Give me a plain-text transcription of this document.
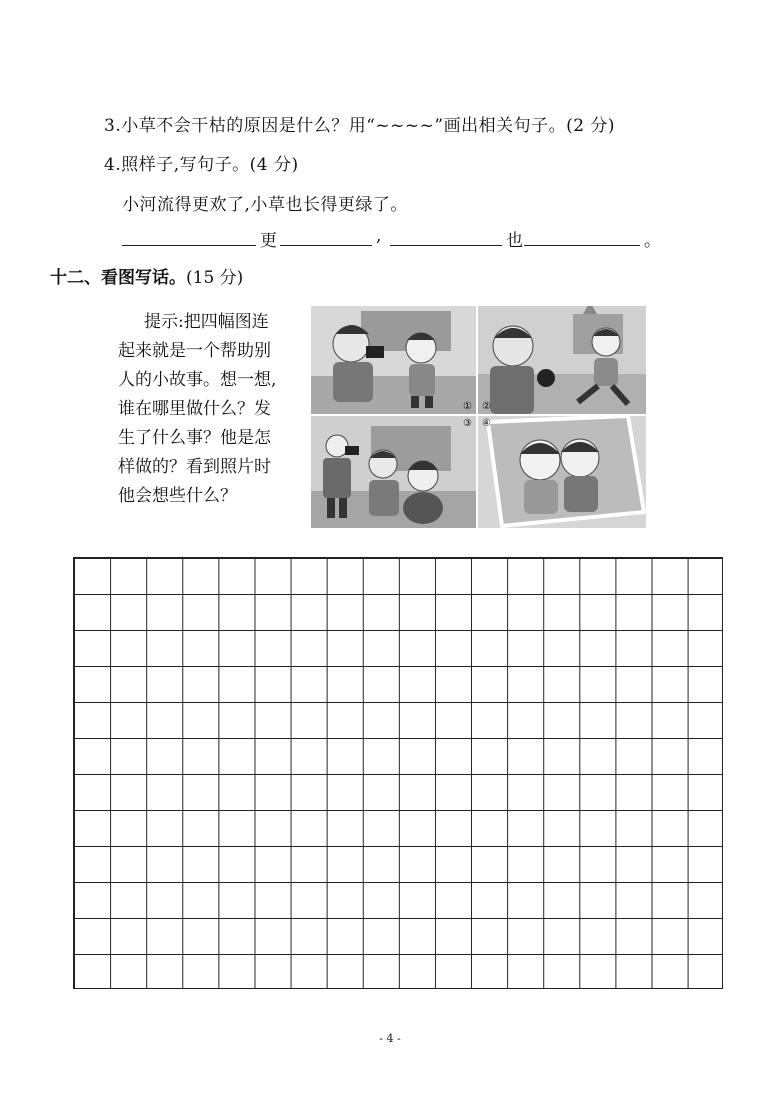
3.小草不会干枯的原因是什么？用“~~~~”画出相关句子。(2 分)
4.照样子,写句子。(4 分)
小河流得更欢了,小草也长得更绿了。
更	,	也	。
十二、看图写话。(15 分)
提示:把四幅图连
起来就是一个帮助别
人的小故事。想一想,
谁在哪里做什么？发
生了什么事？他是怎
样做的？看到照片时
他会想些什么？
① ②
③ ④
- 4 -
